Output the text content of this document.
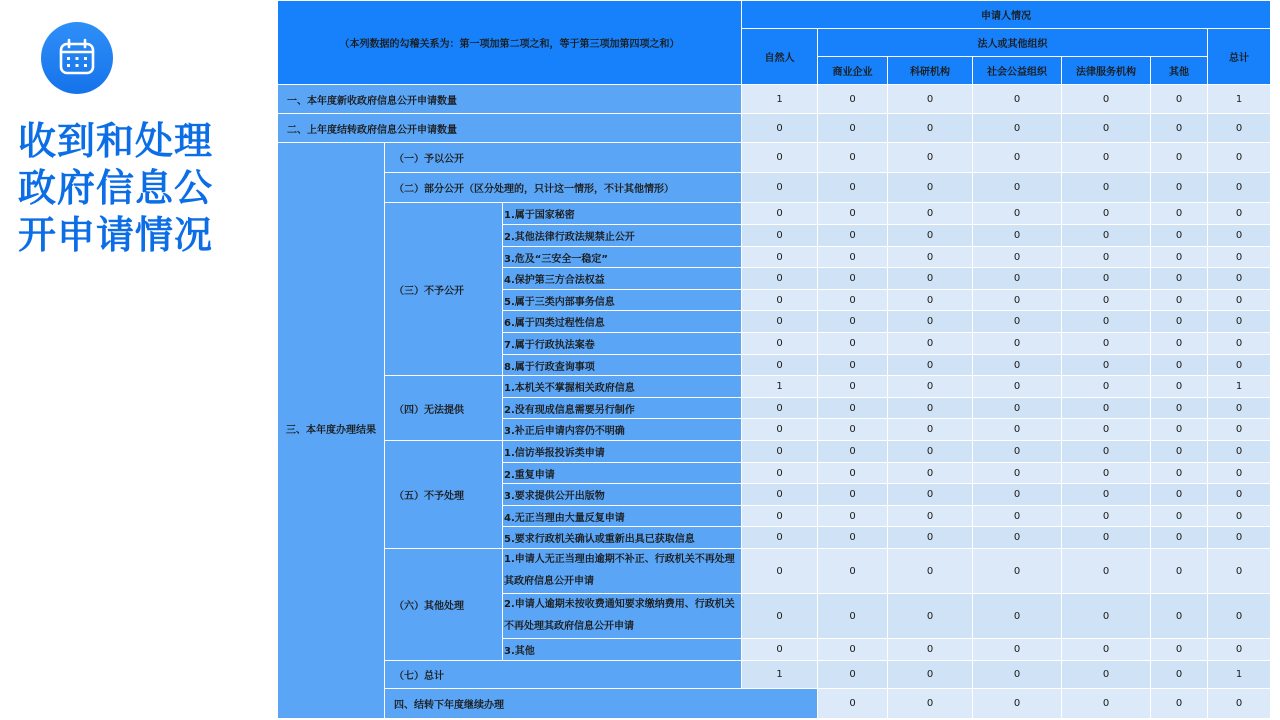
收到和处理
政府信息公
开申请情况
（本列数据的勾稽关系为：第一项加第二项之和，等于第三项加第四项之和）			申请人情况							
			自然人	法人或其他组织					总计	
				商业企业	科研机构	社会公益组织	法律服务机构	其他		
一、本年度新收政府信息公开申请数量			1	0	0	0	0	0	1	
二、上年度结转政府信息公开申请数量			0	0	0	0	0	0	0	
三、本年度办理结果	（一）予以公开		0	0	0	0	0	0	0	
	（二）部分公开（区分处理的，只计这一情形，不计其他情形）		0	0	0	0	0	0	0	
	（三）不予公开	1.属于国家秘密	0	0	0	0	0	0	0	
		2.其他法律行政法规禁止公开	0	0	0	0	0	0	0	
		3.危及“三安全一稳定”	0	0	0	0	0	0	0	
		4.保护第三方合法权益	0	0	0	0	0	0	0	
		5.属于三类内部事务信息	0	0	0	0	0	0	0	
		6.属于四类过程性信息	0	0	0	0	0	0	0	
		7.属于行政执法案卷	0	0	0	0	0	0	0	
		8.属于行政查询事项	0	0	0	0	0	0	0	
	（四）无法提供	1.本机关不掌握相关政府信息	1	0	0	0	0	0	1	
		2.没有现成信息需要另行制作	0	0	0	0	0	0	0	
		3.补正后申请内容仍不明确	0	0	0	0	0	0	0	
	（五）不予处理	1.信访举报投诉类申请	0	0	0	0	0	0	0	
		2.重复申请	0	0	0	0	0	0	0	
		3.要求提供公开出版物	0	0	0	0	0	0	0	
		4.无正当理由大量反复申请	0	0	0	0	0	0	0	
		5.要求行政机关确认或重新出具已获取信息	0	0	0	0	0	0	0	
	（六）其他处理	1.申请人无正当理由逾期不补正、行政机关不再处理其政府信息公开申请	0	0	0	0	0	0	0	
		2.申请人逾期未按收费通知要求缴纳费用、行政机关不再处理其政府信息公开申请	0	0	0	0	0	0	0	
		3.其他	0	0	0	0	0	0	0	
	（七）总计		1	0	0	0	0	0	1	
	四、结转下年度继续办理			0	0	0	0	0	0	
